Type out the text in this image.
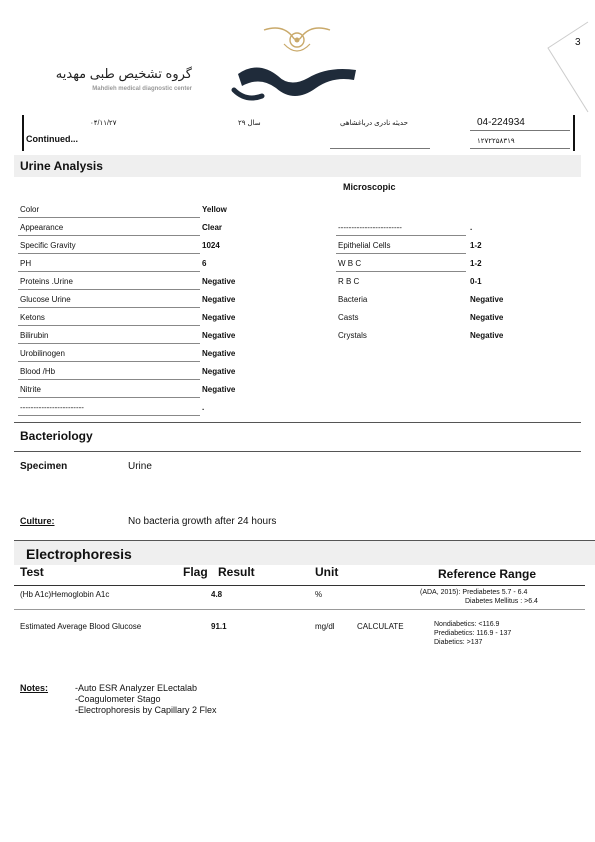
3
گروه تشخیص طبی مهدیه
Mahdieh medical diagnostic center
۰۴/۱۱/۲۷	۲۹ سال	حدیثه نادری درباغشاهی	04-224934
۱۲۷۲۲۵۸۳۱۹
Continued...
Urine Analysis
Microscopic
Color	Yellow
Appearance	Clear
Specific Gravity	1024
PH	6
Proteins .Urine	Negative
Glucose Urine	Negative
Ketons	Negative
Bilirubin	Negative
Urobilinogen	Negative
Blood /Hb	Negative
Nitrite	Negative
------------------------	.
------------------------	.
Epithelial Cells	1-2
W B C	1-2
R B C	0-1
Bacteria	Negative
Casts	Negative
Crystals	Negative
Bacteriology
Specimen	Urine
Culture:	No bacteria growth after 24 hours
Electrophoresis
Test	Flag Result	Unit	Reference Range
(Hb A1c)Hemoglobin A1c	4.8	%	(ADA, 2015): Prediabetes 5.7 - 6.4
Diabetes Mellitus : >6.4
Estimated Average Blood Glucose	91.1	mg/dl	CALCULATE	Nondiabetics: <116.9
Prediabetics: 116.9 - 137
Diabetics: >137
Notes:	-Auto ESR Analyzer ELectalab
-Coagulometer Stago
-Electrophoresis by Capillary 2 Flex
